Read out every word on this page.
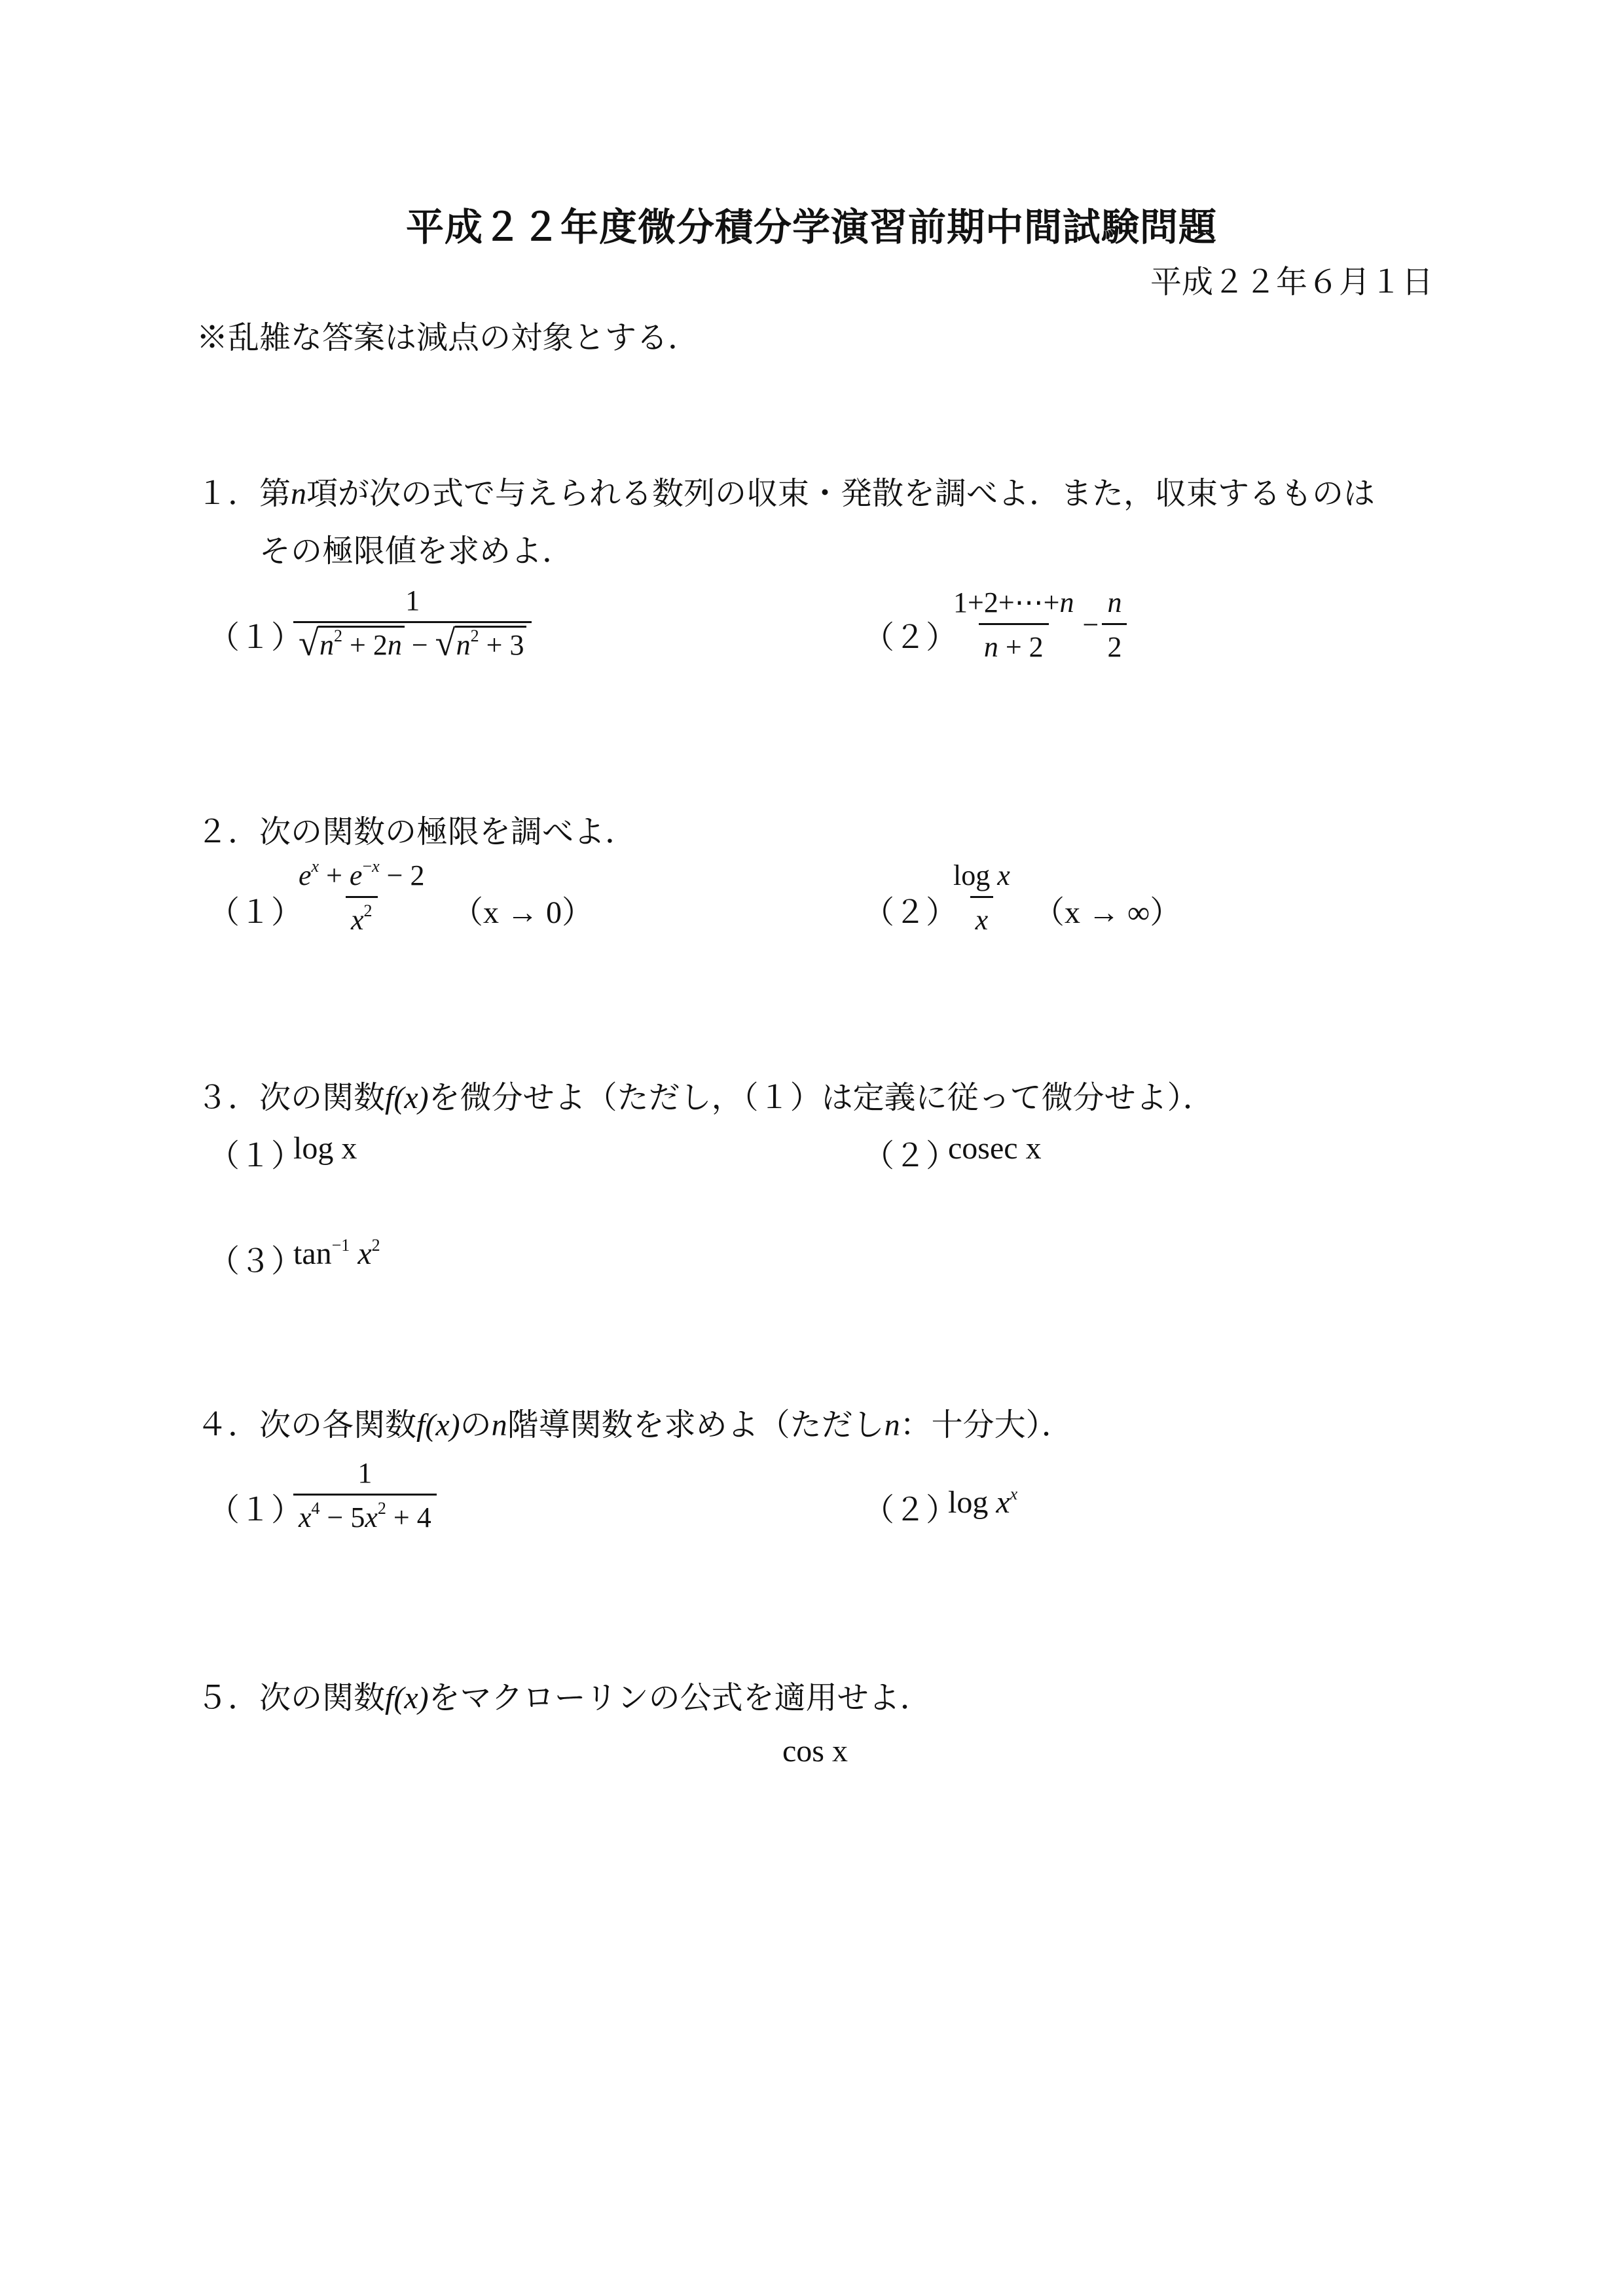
平成２２年度微分積分学演習前期中間試験問題
平成２２年６月１日
※乱雑な答案は減点の対象とする．
１．第n項が次の式で与えられる数列の収束・発散を調べよ．また，収束するものは
その極限値を求めよ．
（１）
$\frac{1}{√ n^2 + 2n - √ n^2 + 3}$	（２）
$\frac{1+2+\cdots+n}{n + 2} - \frac{n}{2}$
２．次の関数の極限を調べよ．
（１）
$\frac{e^x + e^{-x} - 2}{x^2} (x \to 0)$	（２）
$\frac{\text{log x}}{x} (x$ → ∞）
３．次の関数f(x)を微分せよ（ただし，（１）は定義に従って微分せよ）．
（１）
log x	（２）
cosec x
（３）
$\tan^{-1} x^2$
４．次の各関数f(x)のn階導関数を求めよ（ただしn：十分大）．
（１）
$\frac{1}{x^4 - 5x^2 + 4}$	（２）
$\log x^x$
５．次の関数f(x)をマクローリンの公式を適用せよ．
cos x
